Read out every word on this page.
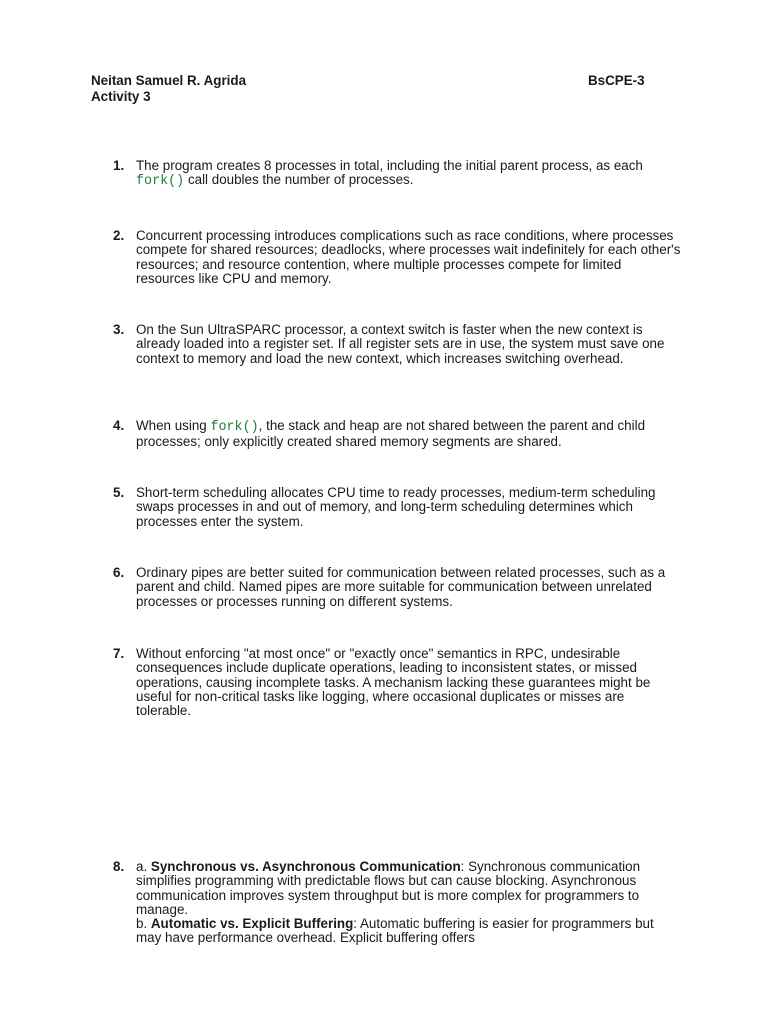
Neitan Samuel R. Agrida
Activity 3
BsCPE-3
1. The program creates 8 processes in total, including the initial parent process, as each fork() call doubles the number of processes.
2. Concurrent processing introduces complications such as race conditions, where processes compete for shared resources; deadlocks, where processes wait indefinitely for each other's resources; and resource contention, where multiple processes compete for limited resources like CPU and memory.
3. On the Sun UltraSPARC processor, a context switch is faster when the new context is already loaded into a register set. If all register sets are in use, the system must save one context to memory and load the new context, which increases switching overhead.
4. When using fork(), the stack and heap are not shared between the parent and child processes; only explicitly created shared memory segments are shared.
5. Short-term scheduling allocates CPU time to ready processes, medium-term scheduling swaps processes in and out of memory, and long-term scheduling determines which processes enter the system.
6. Ordinary pipes are better suited for communication between related processes, such as a parent and child. Named pipes are more suitable for communication between unrelated processes or processes running on different systems.
7. Without enforcing "at most once" or "exactly once" semantics in RPC, undesirable consequences include duplicate operations, leading to inconsistent states, or missed operations, causing incomplete tasks. A mechanism lacking these guarantees might be useful for non-critical tasks like logging, where occasional duplicates or misses are tolerable.
8. a. Synchronous vs. Asynchronous Communication: Synchronous communication simplifies programming with predictable flows but can cause blocking. Asynchronous communication improves system throughput but is more complex for programmers to manage.
b. Automatic vs. Explicit Buffering: Automatic buffering is easier for programmers but may have performance overhead. Explicit buffering offers
